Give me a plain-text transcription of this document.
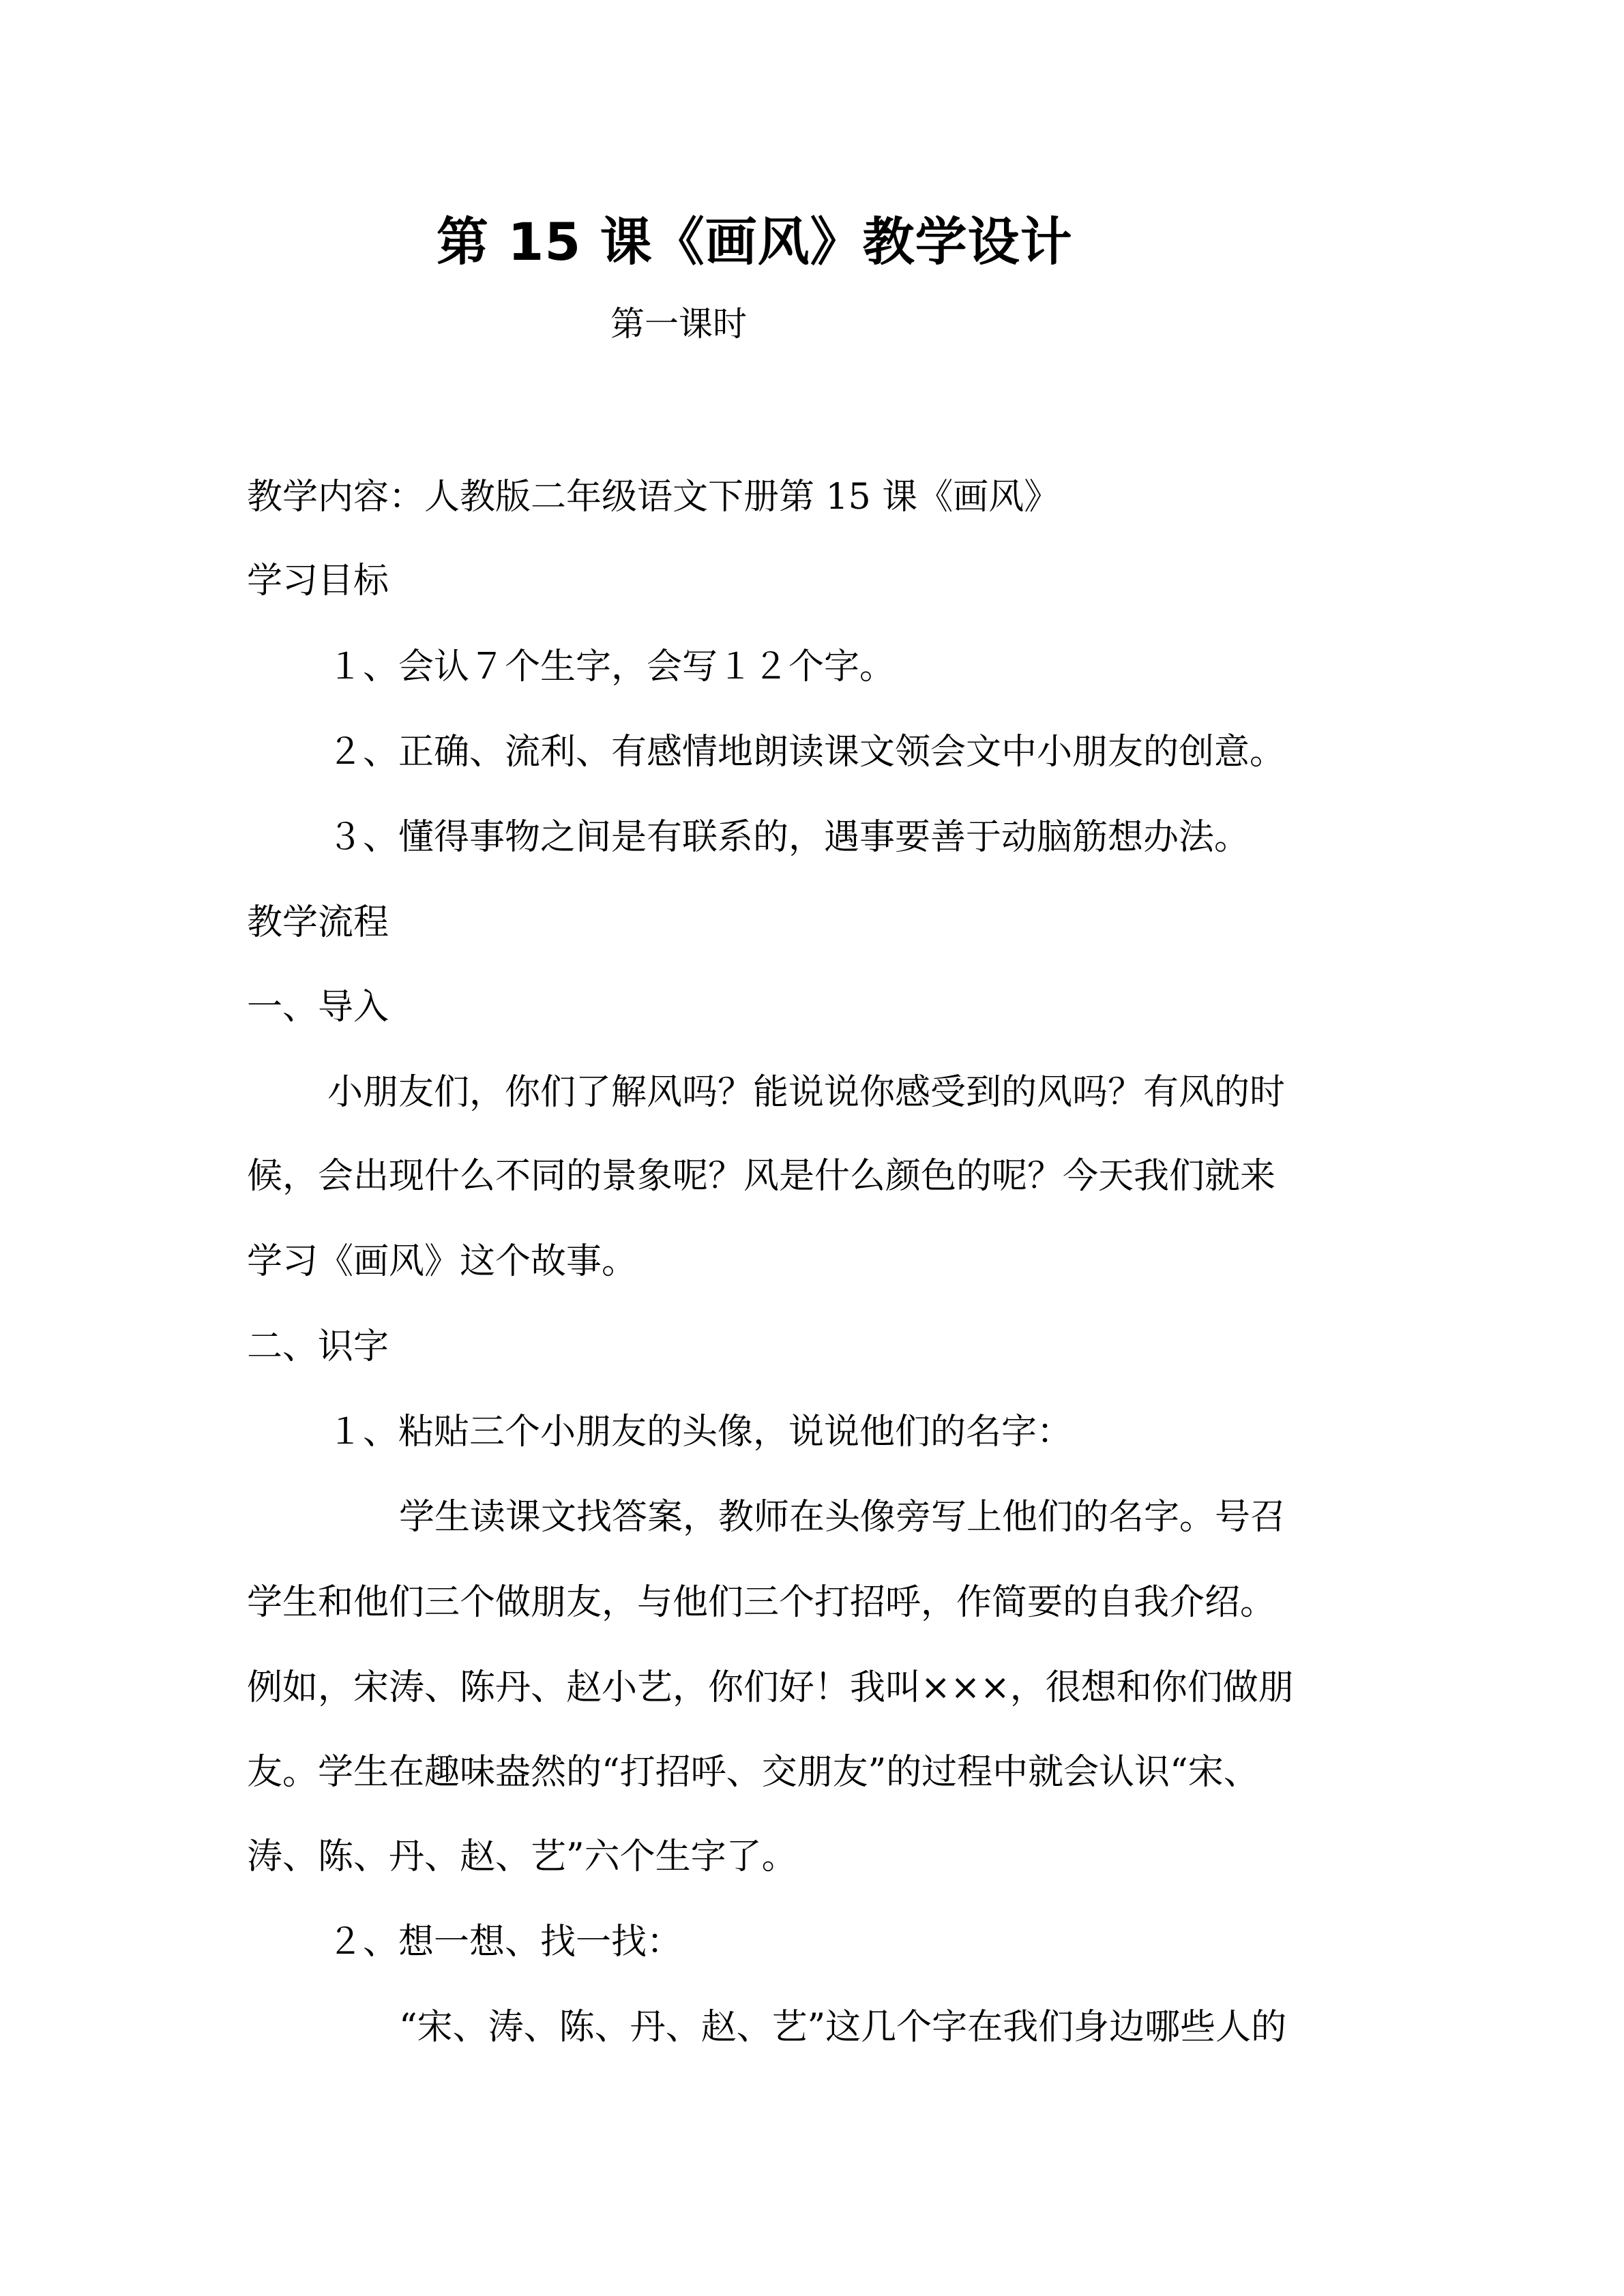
第 15 课《画风》教学设计
第一课时
教学内容：人教版二年级语文下册第 15 课《画风》
学习目标
１、会认７个生字，会写１２个字。
２、正确、流利、有感情地朗读课文领会文中小朋友的创意。
３、懂得事物之间是有联系的，遇事要善于动脑筋想办法。
教学流程
一、导入
小朋友们，你们了解风吗？能说说你感受到的风吗？有风的时
候，会出现什么不同的景象呢？风是什么颜色的呢？今天我们就来
学习《画风》这个故事。
二、识字
１、粘贴三个小朋友的头像，说说他们的名字：
学生读课文找答案，教师在头像旁写上他们的名字。号召
学生和他们三个做朋友，与他们三个打招呼，作简要的自我介绍。
例如，宋涛、陈丹、赵小艺，你们好！我叫×××，很想和你们做朋
友。学生在趣味盎然的“打招呼、交朋友”的过程中就会认识“宋、
涛、陈、丹、赵、艺”六个生字了。
２、想一想、找一找：
“宋、涛、陈、丹、赵、艺”这几个字在我们身边哪些人的
